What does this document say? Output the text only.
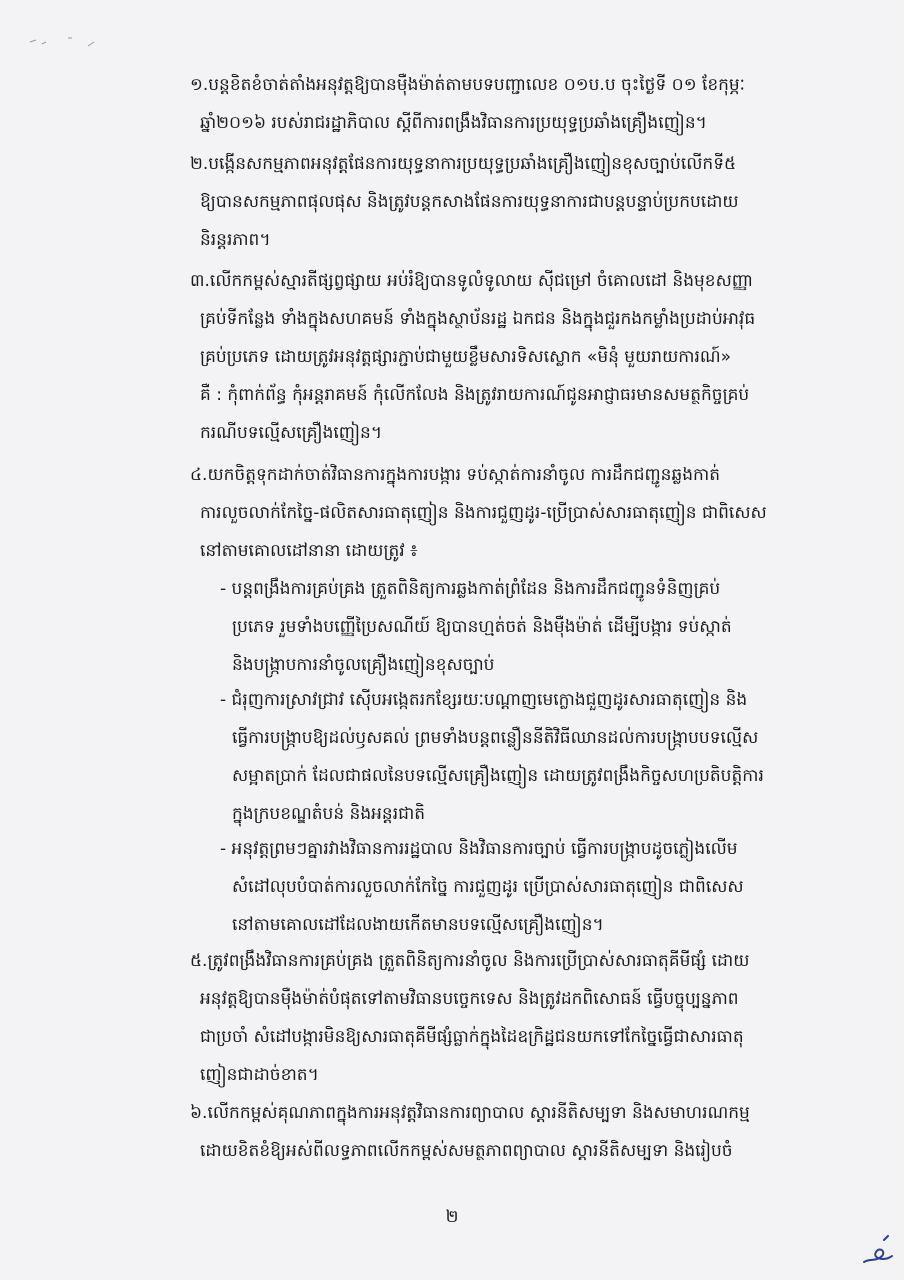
១.បន្តខិតខំចាត់តាំងអនុវត្តឱ្យបានម៉ឺងម៉ាត់តាមបទបញ្ជាលេខ ០១ប.ប ចុះថ្ងៃទី ០១ ខែកុម្ភៈ
ឆ្នាំ២០១៦ របស់រាជរដ្ឋាភិបាល ស្តីពីការពង្រឹងវិធានការប្រយុទ្ធប្រឆាំងគ្រឿងញៀន។
២.បង្កើនសកម្មភាពអនុវត្តផែនការយុទ្ធនាការប្រយុទ្ធប្រឆាំងគ្រឿងញៀនខុសច្បាប់លើកទី៥
ឱ្យបានសកម្មភាពផុលផុស និងត្រូវបន្តកសាងផែនការយុទ្ធនាការជាបន្តបន្ទាប់ប្រកបដោយ
និរន្តរភាព។
៣.លើកកម្ពស់ស្មារតីផ្សព្វផ្សាយ អប់រំឱ្យបានទូលំទូលាយ ស៊ីជម្រៅ ចំគោលដៅ និងមុខសញ្ញា
គ្រប់ទីកន្លែង ទាំងក្នុងសហគមន៍ ទាំងក្នុងស្ថាប័នរដ្ឋ ឯកជន និងក្នុងជួរកងកម្លាំងប្រដាប់អាវុធ
គ្រប់ប្រភេទ ដោយត្រូវអនុវត្តផ្សារភ្ជាប់ជាមួយខ្លឹមសារទិសស្លោក «មិនុំ មួយរាយការណ៍»
គឺ : កុំពាក់ព័ន្ធ កុំអន្តរាគមន៍ កុំលើកលែង និងត្រូវរាយការណ៍ជូនអាជ្ញាធរមានសមត្ថកិច្ចគ្រប់
ករណីបទល្មើសគ្រឿងញៀន។
៤.យកចិត្តទុកដាក់ចាត់វិធានការក្នុងការបង្ការ ទប់ស្កាត់ការនាំចូល ការដឹកជញ្ជូនឆ្លងកាត់
ការលួចលាក់កែច្នៃ-ផលិតសារធាតុញៀន និងការជួញដូរ-ប្រើប្រាស់សារធាតុញៀន ជាពិសេស
នៅតាមគោលដៅនានា ដោយត្រូវ ៖
- បន្តពង្រឹងការគ្រប់គ្រង ត្រួតពិនិត្យការឆ្លងកាត់ព្រំដែន និងការដឹកជញ្ជូនទំនិញគ្រប់
ប្រភេទ រួមទាំងបញ្ញើប្រៃសណីយ៍ ឱ្យបានហ្មត់ចត់ និងម៉ឺងម៉ាត់ ដើម្បីបង្ការ ទប់ស្កាត់
និងបង្ក្រាបការនាំចូលគ្រឿងញៀនខុសច្បាប់
- ជំរុញការស្រាវជ្រាវ ស៊ើបអង្កេតរកខ្សែរយៈបណ្តាញមេក្លោងជួញដូរសារធាតុញៀន និង
ធ្វើការបង្ក្រាបឱ្យដល់ឫសគល់ ព្រមទាំងបន្តពន្លឿននីតិវិធីឈានដល់ការបង្ក្រាបបទល្មើស
សម្អាតប្រាក់ ដែលជាផលនៃបទល្មើសគ្រឿងញៀន ដោយត្រូវពង្រឹងកិច្ចសហប្រតិបត្តិការ
ក្នុងក្របខណ្ឌតំបន់ និងអន្តរជាតិ
- អនុវត្តព្រមៗគ្នារវាងវិធានការរដ្ឋបាល និងវិធានការច្បាប់ ធ្វើការបង្ក្រាបដូចភ្លៀងលើម
សំដៅលុបបំបាត់ការលួចលាក់កែច្នៃ ការជួញដូរ ប្រើប្រាស់សារធាតុញៀន ជាពិសេស
នៅតាមគោលដៅដែលងាយកើតមានបទល្មើសគ្រឿងញៀន។
៥.ត្រូវពង្រឹងវិធានការគ្រប់គ្រង ត្រួតពិនិត្យការនាំចូល និងការប្រើប្រាស់សារធាតុគីមីផ្សំ ដោយ
អនុវត្តឱ្យបានម៉ឺងម៉ាត់បំផុតទៅតាមវិធានបច្ចេកទេស និងត្រូវដកពិសោធន៍ ធ្វើបច្ចុប្បន្នភាព
ជាប្រចាំ សំដៅបង្ការមិនឱ្យសារធាតុគីមីផ្សំធ្លាក់ក្នុងដៃឧក្រិដ្ឋជនយកទៅកែច្នៃធ្វើជាសារធាតុ
ញៀនជាដាច់ខាត។
៦.លើកកម្ពស់គុណភាពក្នុងការអនុវត្តវិធានការព្យាបាល ស្តារនីតិសម្បទា និងសមាហរណកម្ម
ដោយខិតខំឱ្យអស់ពីលទ្ធភាពលើកកម្ពស់សមត្ថភាពព្យាបាល ស្តារនីតិសម្បទា និងរៀបចំ
២
